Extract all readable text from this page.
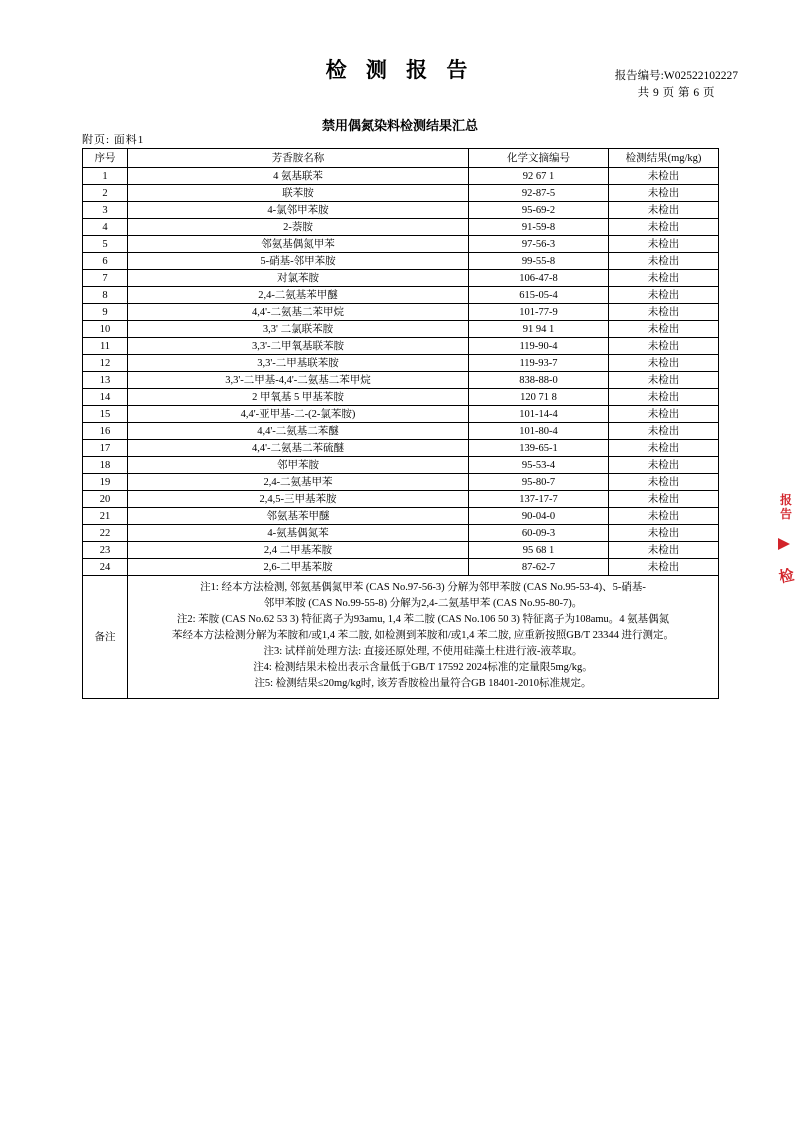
检 测 报 告	报告编号:W02522102227
共 9 页 第 6 页
禁用偶氮染料检测结果汇总
附页: 面料1
序号	芳香胺名称	化学文摘编号	检测结果(mg/kg)
1	4 氨基联苯	92 67 1	未检出
2	联苯胺	92-87-5	未检出
3	4-氯邻甲苯胺	95-69-2	未检出
4	2-萘胺	91-59-8	未检出
5	邻氨基偶氮甲苯	97-56-3	未检出
6	5-硝基-邻甲苯胺	99-55-8	未检出
7	对氯苯胺	106-47-8	未检出
8	2,4-二氨基苯甲醚	615-05-4	未检出
9	4,4'-二氨基二苯甲烷	101-77-9	未检出
10	3,3' 二氯联苯胺	91 94 1	未检出
11	3,3'-二甲氧基联苯胺	119-90-4	未检出
12	3,3'-二甲基联苯胺	119-93-7	未检出
13	3,3'-二甲基-4,4'-二氨基二苯甲烷	838-88-0	未检出
14	2 甲氧基 5 甲基苯胺	120 71 8	未检出
15	4,4'-亚甲基-二-(2-氯苯胺)	101-14-4	未检出
16	4,4'-二氨基二苯醚	101-80-4	未检出
17	4,4'-二氨基二苯硫醚	139-65-1	未检出
18	邻甲苯胺	95-53-4	未检出
19	2,4-二氨基甲苯	95-80-7	未检出
20	2,4,5-三甲基苯胺	137-17-7	未检出
21	邻氨基苯甲醚	90-04-0	未检出
22	4-氨基偶氮苯	60-09-3	未检出
23	2,4 二甲基苯胺	95 68 1	未检出
24	2,6-二甲基苯胺	87-62-7	未检出
备注	

注1: 经本方法检测, 邻氨基偶氮甲苯 (CAS No.97-56-3) 分解为邻甲苯胺 (CAS No.95-53-4)、5-硝基-

邻甲苯胺 (CAS No.99-55-8) 分解为2,4-二氨基甲苯 (CAS No.95-80-7)。

注2: 苯胺 (CAS No.62 53 3) 特征离子为93amu, 1,4 苯二胺 (CAS No.106 50 3) 特征离子为108amu。4 氨基偶氮

苯经本方法检测分解为苯胺和/或1,4 苯二胺, 如检测到苯胺和/或1,4 苯二胺, 应重新按照GB/T 23344 进行测定。

注3: 试样前处理方法: 直接还原处理, 不使用硅藻土柱进行液-液萃取。

注4: 检测结果未检出表示含量低于GB/T 17592 2024标准的定量限5mg/kg。

注5: 检测结果≤20mg/kg时, 该芳香胺检出量符合GB 18401-2010标准规定。

报告
检
